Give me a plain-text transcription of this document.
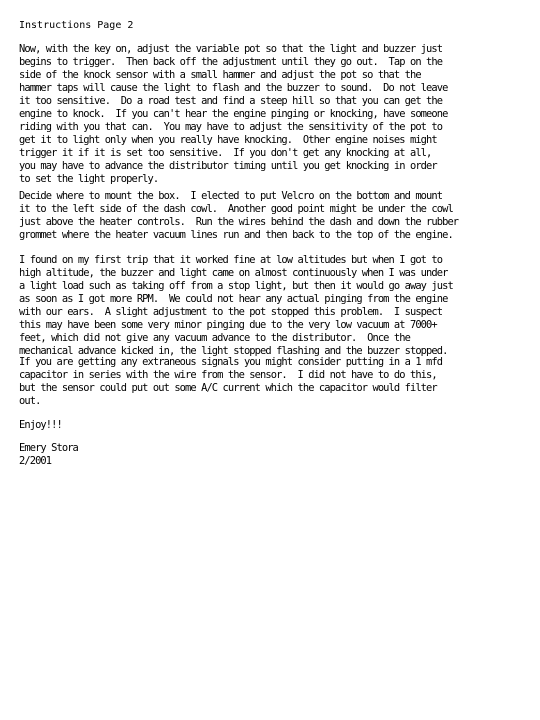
Instructions Page 2

Now, with the key on, adjust the variable pot so that the light and buzzer just
begins to trigger.  Then back off the adjustment until they go out.  Tap on the
side of the knock sensor with a small hammer and adjust the pot so that the
hammer taps will cause the light to flash and the buzzer to sound.  Do not leave
it too sensitive.  Do a road test and find a steep hill so that you can get the
engine to knock.  If you can't hear the engine pinging or knocking, have someone
riding with you that can.  You may have to adjust the sensitivity of the pot to
get it to light only when you really have knocking.  Other engine noises might
trigger it if it is set too sensitive.  If you don't get any knocking at all,
you may have to advance the distributor timing until you get knocking in order
to set the light properly.

Decide where to mount the box.  I elected to put Velcro on the bottom and mount
it to the left side of the dash cowl.  Another good point might be under the cowl
just above the heater controls.  Run the wires behind the dash and down the rubber
grommet where the heater vacuum lines run and then back to the top of the engine.

I found on my first trip that it worked fine at low altitudes but when I got to
high altitude, the buzzer and light came on almost continuously when I was under
a light load such as taking off from a stop light, but then it would go away just
as soon as I got more RPM.  We could not hear any actual pinging from the engine
with our ears.  A slight adjustment to the pot stopped this problem.  I suspect
this may have been some very minor pinging due to the very low vacuum at 7000+
feet, which did not give any vacuum advance to the distributor.  Once the
mechanical advance kicked in, the light stopped flashing and the buzzer stopped.

If you are getting any extraneous signals you might consider putting in a 1 mfd
capacitor in series with the wire from the sensor.  I did not have to do this,
but the sensor could put out some A/C current which the capacitor would filter
out.

Enjoy!!!

Emery Stora
2/2001
